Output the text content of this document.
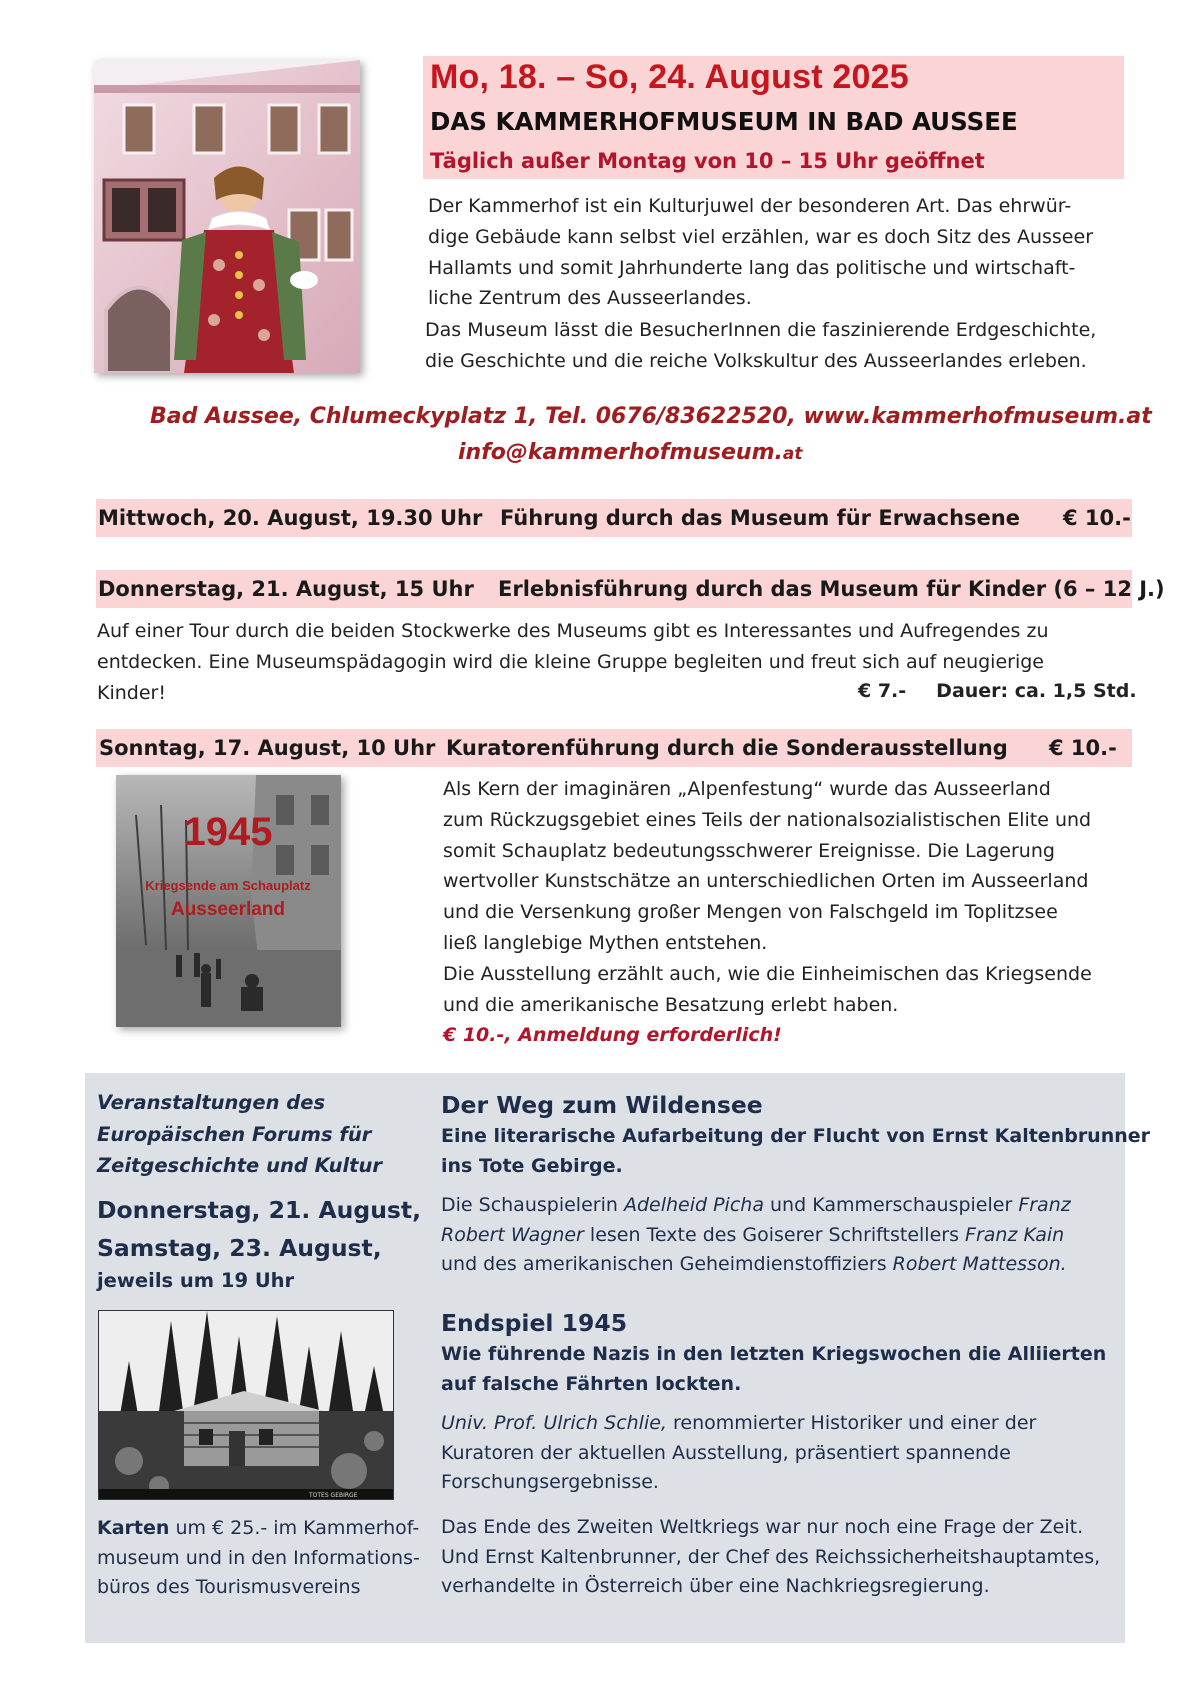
Mo, 18. – So, 24. August 2025
DAS KAMMERHOFMUSEUM IN BAD AUSSEE
Täglich außer Montag von 10 – 15 Uhr geöffnet
Der Kammerhof ist ein Kulturjuwel der besonderen Art. Das ehrwür-
dige Gebäude kann selbst viel erzählen, war es doch Sitz des Ausseer
Hallamts und somit Jahrhunderte lang das politische und wirtschaft-
liche Zentrum des Ausseerlandes.
Das Museum lässt die BesucherInnen die faszinierende Erdgeschichte,
die Geschichte und die reiche Volkskultur des Ausseerlandes erleben.
Bad Aussee, Chlumeckyplatz 1, Tel. 0676/83622520, www.kammerhofmuseum.at
info@kammerhofmuseum.at
Mittwoch, 20. August, 19.30 Uhr Führung durch das Museum für Erwachsene € 10.-
Donnerstag, 21. August, 15 Uhr Erlebnisführung durch das Museum für Kinder (6 – 12 J.)
Auf einer Tour durch die beiden Stockwerke des Museums gibt es Interessantes und Aufregendes zu
entdecken. Eine Museumspädagogin wird die kleine Gruppe begleiten und freut sich auf neugierige
Kinder!	€ 7.- Dauer: ca. 1,5 Std.
Sonntag, 17. August, 10 Uhr Kuratorenführung durch die Sonderausstellung € 10.-
1945
Kriegsende am Schauplatz
Ausseerland
Als Kern der imaginären „Alpenfestung“ wurde das Ausseerland
zum Rückzugsgebiet eines Teils der nationalsozialistischen Elite und
somit Schauplatz bedeutungsschwerer Ereignisse. Die Lagerung
wertvoller Kunstschätze an unterschiedlichen Orten im Ausseerland
und die Versenkung großer Mengen von Falschgeld im Toplitzsee
ließ langlebige Mythen entstehen.
Die Ausstellung erzählt auch, wie die Einheimischen das Kriegsende
und die amerikanische Besatzung erlebt haben.
€ 10.-, Anmeldung erforderlich!
Veranstaltungen des
Europäischen Forums für
Zeitgeschichte und Kultur
Donnerstag, 21. August,
Samstag, 23. August,
jeweils um 19 Uhr
TOTES GEBIRGE
Karten um € 25.- im Kammerhof-
museum und in den Informations-
büros des Tourismusvereins
Der Weg zum Wildensee
Eine literarische Aufarbeitung der Flucht von Ernst Kaltenbrunner
ins Tote Gebirge.
Die Schauspielerin Adelheid Picha und Kammerschauspieler Franz
Robert Wagner lesen Texte des Goiserer Schriftstellers Franz Kain
und des amerikanischen Geheimdienstoffiziers Robert Mattesson.
Endspiel 1945
Wie führende Nazis in den letzten Kriegswochen die Alliierten
auf falsche Fährten lockten.
Univ. Prof. Ulrich Schlie, renommierter Historiker und einer der
Kuratoren der aktuellen Ausstellung, präsentiert spannende
Forschungsergebnisse.
Das Ende des Zweiten Weltkriegs war nur noch eine Frage der Zeit.
Und Ernst Kaltenbrunner, der Chef des Reichssicherheitshauptamtes,
verhandelte in Österreich über eine Nachkriegsregierung.
